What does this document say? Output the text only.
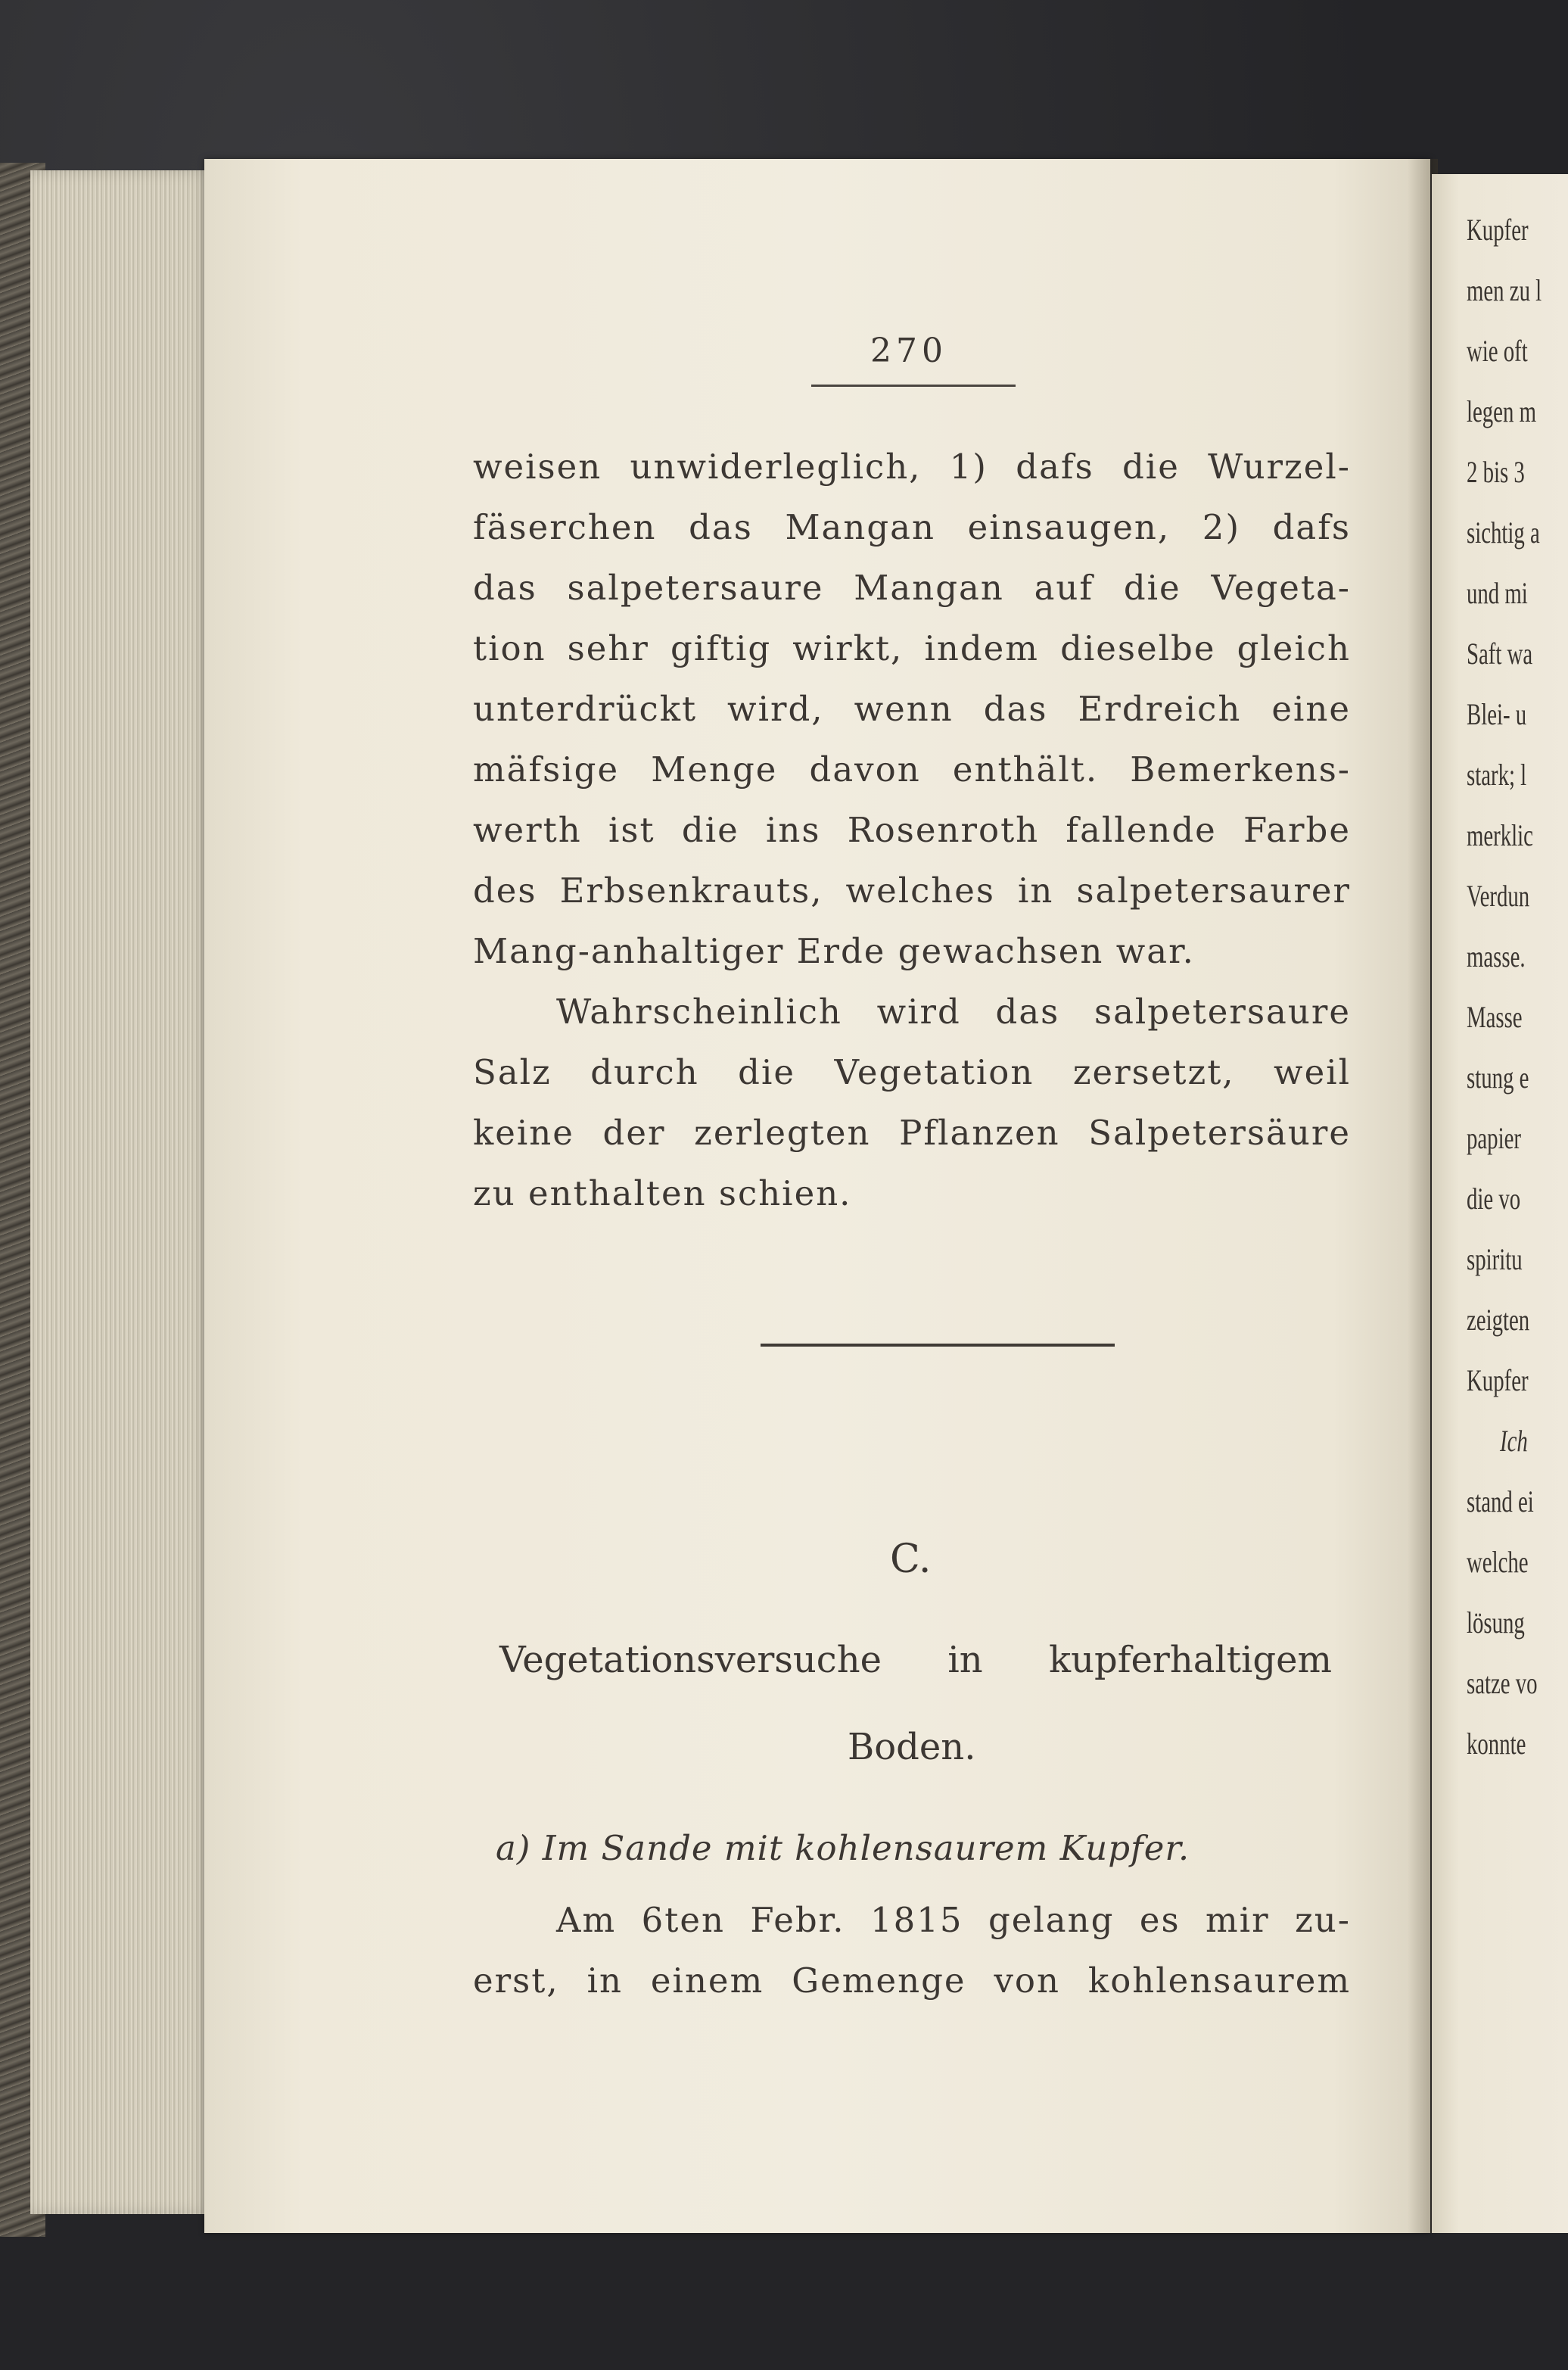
Kupfer
men zu l
wie oft
legen m
2 bis 3
sichtig a
und mi
Saft wa
Blei- u
stark; l
merklic
Verdun
masse.
Masse
stung e
papier
die vo
spiritu
zeigten
Kupfer
Ich
stand ei
welche
lösung
satze vo
konnte
270
weisen unwiderleglich, 1) dafs die Wurzel-
fäserchen das Mangan einsaugen, 2) dafs
das salpetersaure Mangan auf die Vegeta-
tion sehr giftig wirkt, indem dieselbe gleich
unterdrückt wird, wenn das Erdreich eine
mäfsige Menge davon enthält. Bemerkens-
werth ist die ins Rosenroth fallende Farbe
des Erbsenkrauts, welches in salpetersaurer
Mang-anhaltiger Erde gewachsen war.
Wahrscheinlich wird das salpetersaure
Salz durch die Vegetation zersetzt, weil
keine der zerlegten Pflanzen Salpetersäure
zu enthalten schien.
C.
Vegetationsversuche in kupferhaltigem
Boden.
a) Im Sande mit kohlensaurem Kupfer.
Am 6ten Febr. 1815 gelang es mir zu-
erst, in einem Gemenge von kohlensaurem
